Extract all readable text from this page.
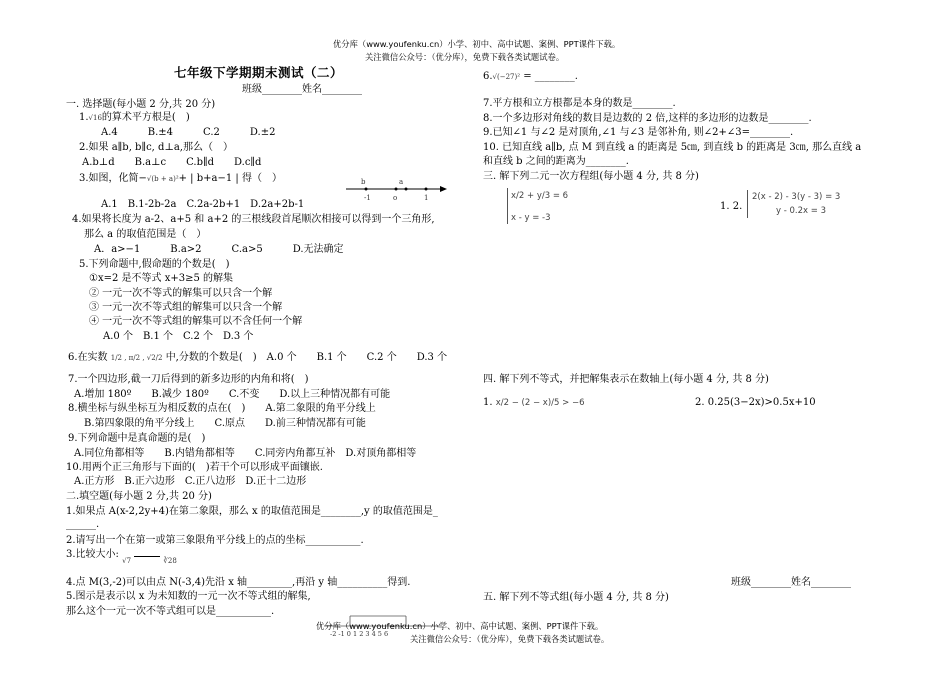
优分库（www.youfenku.cn）小学、初中、高中试题、案例、PPT课件下载。
关注微信公众号：（优分库），免费下载各类试题试卷。
七年级下学期期末测试（二）
班级________姓名________
一. 选择题(每小题 2 分,共 20 分)
1.√16的算术平方根是(　)
A.4　　　B.±4　　　C.2　　　D.±2
2.如果 a∥b, b∥c, d⊥a,那么（　）
A.b⊥d　　B.a⊥c　　C.b∥d　　D.c∥d
3.如图，化简−√(b + a)²+ | b+a−1 | 得（　）	b	a
-1	o	1
A.1　B.1-2b-2a　C.2a-2b+1　D.2a+2b-1
4.如果将长度为 a-2、a+5 和 a+2 的三根线段首尾顺次相接可以得到一个三角形,
那么 a 的取值范围是（　）
A．a>−1　　　B.a>2　　　C.a>5　　　D.无法确定
5.下列命题中,假命题的个数是(　)
①x=2 是不等式 x+3≥5 的解集
② 一元一次不等式的解集可以只含一个解
③ 一元一次不等式组的解集可以只含一个解
④ 一元一次不等式组的解集可以不含任何一个解
A.0 个　B.1 个　C.2 个　D.3 个
6.在实数 1/2 , π/2 , √2/2 中,分数的个数是(　)　A.0 个　　B.1 个　　C.2 个　　D.3 个
7.一个四边形,截一刀后得到的新多边形的内角和将(　)
A.增加 180º　　B.减少 180º　　C.不变　　D.以上三种情况都有可能
8.横坐标与纵坐标互为相反数的点在(　)　　A.第二象限的角平分线上
B.第四象限的角平分线上　　C.原点　　D.前三种情况都有可能
9.下列命题中是真命题的是(　)
A.同位角都相等　　B.内错角都相等　　C.同旁内角都互补　D.对顶角都相等
10.用两个正三角形与下面的(　)若干个可以形成平面镶嵌.
A.正方形　B.正六边形　C.正八边形　D.正十二边形
二.填空题(每小题 2 分,共 20 分)
1.如果点 A(x-2,2y+4)在第二象限，那么 x 的取值范围是________,y 的取值范围是_
______.
2.请写出一个在第一或第三象限角平分线上的点的坐标___________.
3.比较大小: $_{√7}$	$_{∛28}$
4.点 M(3,-2)可以由点 N(-3,4)先沿 x 轴_________,再沿 y 轴__________得到.
5.图示是表示以 x 为未知数的一元一次不等式组的解集,
那么这个一元一次不等式组可以是___________.
-2 -1 0 1 2 3 4 5 6
6.√(−27)² = ________.
7.平方根和立方根都是本身的数是________.
8.一个多边形对角线的数目是边数的 2 倍,这样的多边形的边数是________.
9.已知∠1 与∠2 是对顶角,∠1 与∠3 是邻补角, 则∠2+∠3=________.
10. 已知直线 a∥b, 点 M 到直线 a 的距离是 5㎝, 到直线 b 的距离是 3㎝, 那么直线 a
和直线 b 之间的距离为________.
三. 解下列二元一次方程组(每小题 4 分, 共 8 分)
x/2 + y/3 = 6
x - y = -3
1. 2.
2(x - 2) - 3(y - 3) = 3
y - 0.2x = 3
四. 解下列不等式，并把解集表示在数轴上(每小题 4 分, 共 8 分)
1. x/2 − (2 − x)/5 > −6	2. 0.25(3−2x)>0.5x+10
班级________姓名________
五. 解下列不等式组(每小题 4 分, 共 8 分)
优分库（www.youfenku.cn）小学、初中、高中试题、案例、PPT课件下载。
关注微信公众号：（优分库），免费下载各类试题试卷。
